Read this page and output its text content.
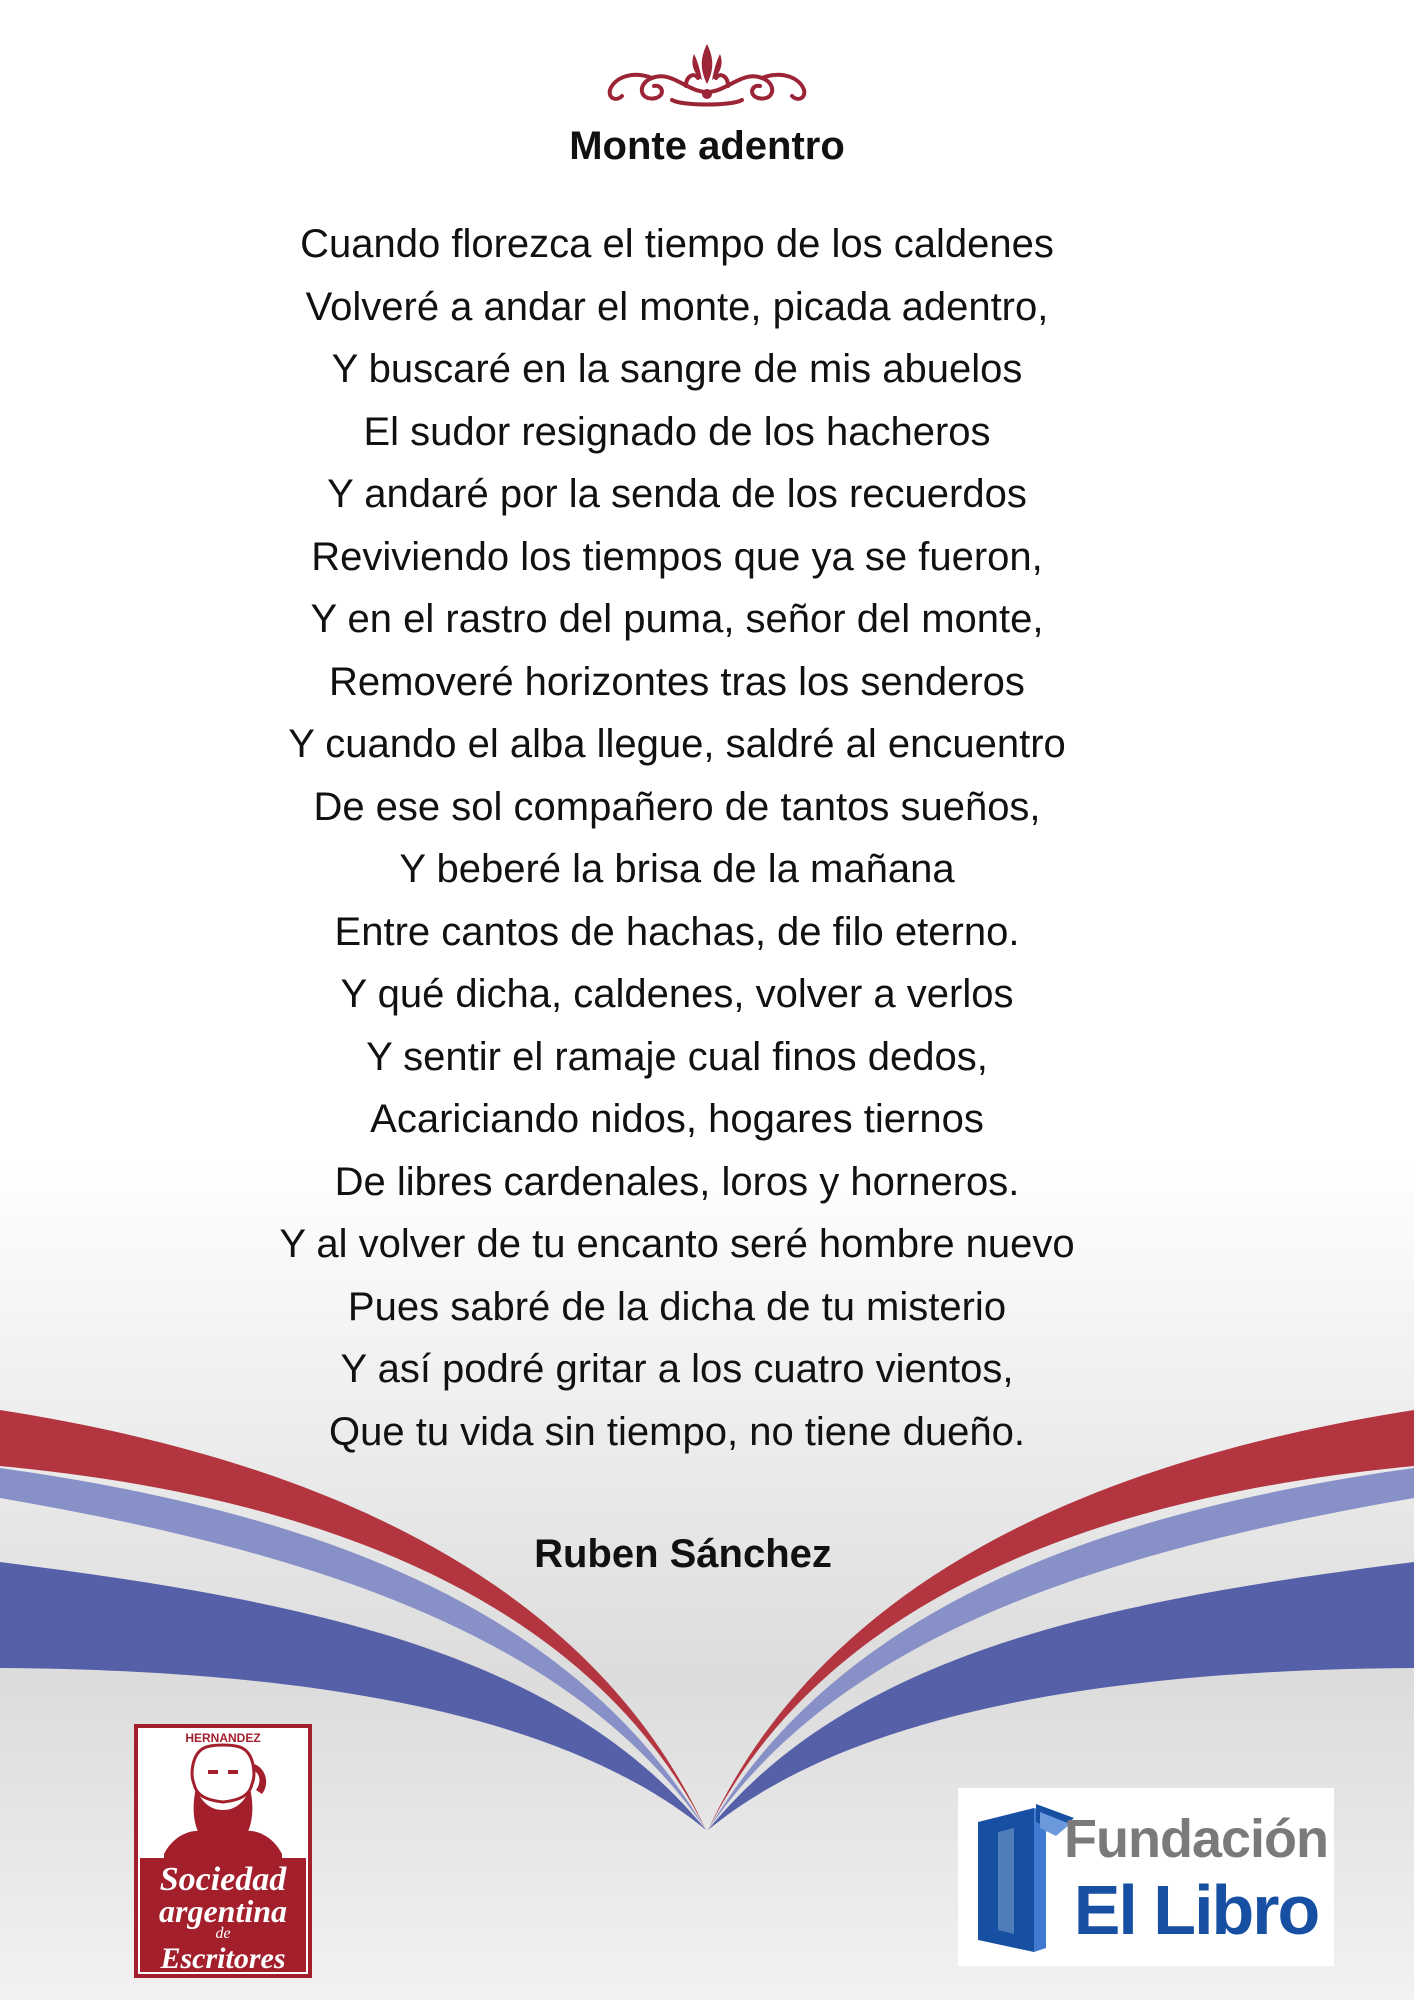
Monte adentro
Cuando florezca el tiempo de los caldenes
Volveré a andar el monte, picada adentro,
Y buscaré en la sangre de mis abuelos
El sudor resignado de los hacheros
Y andaré por la senda de los recuerdos
Reviviendo los tiempos que ya se fueron,
Y en el rastro del puma, señor del monte,
Removeré horizontes tras los senderos
Y cuando el alba llegue, saldré al encuentro
De ese sol compañero de tantos sueños,
Y beberé la brisa de la mañana
Entre cantos de hachas, de filo eterno.
Y qué dicha, caldenes, volver a verlos
Y sentir el ramaje cual finos dedos,
Acariciando nidos, hogares tiernos
De libres cardenales, loros y horneros.
Y al volver de tu encanto seré hombre nuevo
Pues sabré de la dicha de tu misterio
Y así podré gritar a los cuatro vientos,
Que tu vida sin tiempo, no tiene dueño.
Ruben Sánchez
HERNANDEZ
Sociedad
argentina
de
Escritores
Fundación
El Libro
